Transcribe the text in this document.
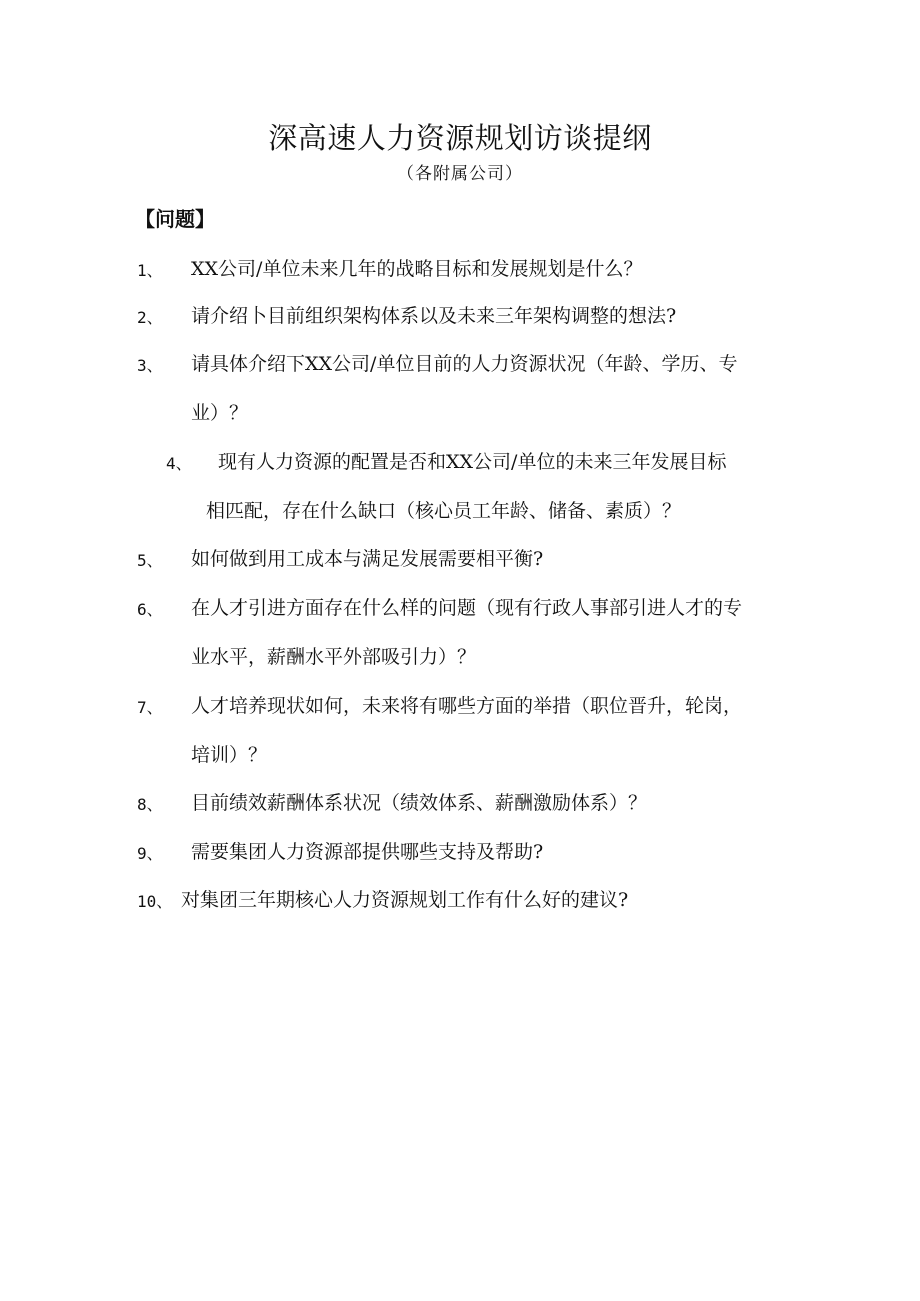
深高速人力资源规划访谈提纲
（各附属公司）
【问题】
1、 XX公司/单位未来几年的战略目标和发展规划是什么？
2、 请介绍卜目前组织架构体系以及未来三年架构调整的想法?
3、 请具体介绍下XX公司/单位目前的人力资源状况（年龄、学历、专
业）？
4、 现有人力资源的配置是否和XX公司/单位的未来三年发展目标
相匹配，存在什么缺口（核心员工年龄、储备、素质）？
5、 如何做到用工成本与满足发展需要相平衡?
6、 在人才引进方面存在什么样的问题（现有行政人事部引进人才的专
业水平，薪酬水平外部吸引力）？
7、 人才培养现状如何，未来将有哪些方面的举措（职位晋升，轮岗，
培训）？
8、 目前绩效薪酬体系状况（绩效体系、薪酬激励体系）？
9、 需要集团人力资源部提供哪些支持及帮助?
10、 对集团三年期核心人力资源规划工作有什么好的建议?
